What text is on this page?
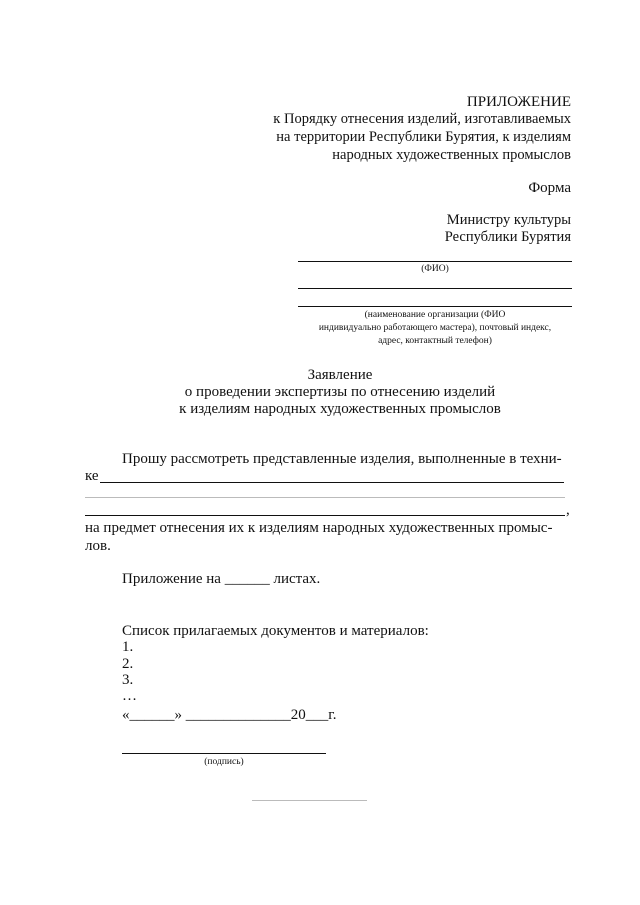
ПРИЛОЖЕНИЕ
к Порядку отнесения изделий, изготавливаемых
на территории Республики Бурятия, к изделиям
народных художественных промыслов
Форма
Министру культуры
Республики Бурятия
(ФИО)
(наименование организации (ФИО
индивидуально работающего мастера), почтовый индекс,
адрес, контактный телефон)
Заявление
о проведении экспертизы по отнесению изделий
к изделиям народных художественных промыслов
Прошу рассмотреть представленные изделия, выполненные в техни-
ке
,
на предмет отнесения их к изделиям народных художественных промыс-
лов.
Приложение на ______ листах.
Список прилагаемых документов и материалов:
1.
2.
3.
…
«______» ______________20___г.
(подпись)
